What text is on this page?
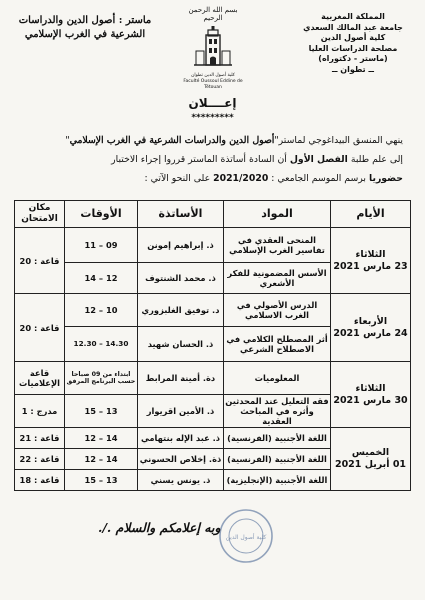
ماستر : أصول الدين والدراسات
الشرعية في الغرب الإسلامي
بسم الله الرحمن الرحيم
كلية أصول الدين تطوان
Faculté Oussoul Eddine de Tétouan
المملكة المغربية
جامعة عبد المالك السعدي
كلية أصول الدين
مصلحة الدراسات العليا
(ماستر - دكتوراه)
ــ تطوان ــ
إعــــلان
*********
ينهي المنسق البيداغوجي لماستر"أصول الدين والدراسات الشرعية في الغرب الإسلامي"
إلى علم طلبة الفصل الأول أن السادة أساتذة الماستر قرروا إجراء الاختبار
حضوريا برسم الموسم الجامعي : 2021/2020 على النحو الآتي :
الأيام	المواد	الأساتذة	الأوقات	مكان الامتحان

الثلاثاء
23 مارس 2021	المنحى العقدي في تفاسير الغرب الإسلامي	ذ. إبراهيم إمونن	09 – 11	قاعة : 20
	الأسس المضمونية للفكر الأشعري	ذ. محمد الشنتوف	12 – 14	

الأربعاء
24 مارس 2021	الدرس الأصولي في الغرب الاسلامي	د. توفيق الغلبزوري	10 – 12	قاعة : 20
	أثر المصطلح الكلامي في الاصطلاح الشرعي	ذ. الحسان شهيد	14.30 – 12.30	

الثلاثاء
30 مارس 2021	المعلوميات	دة. أمينة المرابط	ابتداء من 09 صباحا حسب البرنامج المرفق	قاعة الإعلاميات
	فقه التعليل عند المحدثين وأثره في المباحث العقدية	ذ. الأمين اقريوار	13 – 15	مدرج : 1

الخميس
01 أبريل 2021	اللغة الأجنبية (الفرنسية)	ذ. عبد الإله بنتهامي	14 – 12	قاعة : 21
	اللغة الأجنبية (الفرنسية)	ذة. إخلاص الحسوني	14 – 12	قاعة : 22
	اللغة الأجنبية (الإنجليزية)	ذ. يونس يسني	13 – 15	قاعة : 18
كلية أصول الدين
وبه إعلامكم والسلام ./.
